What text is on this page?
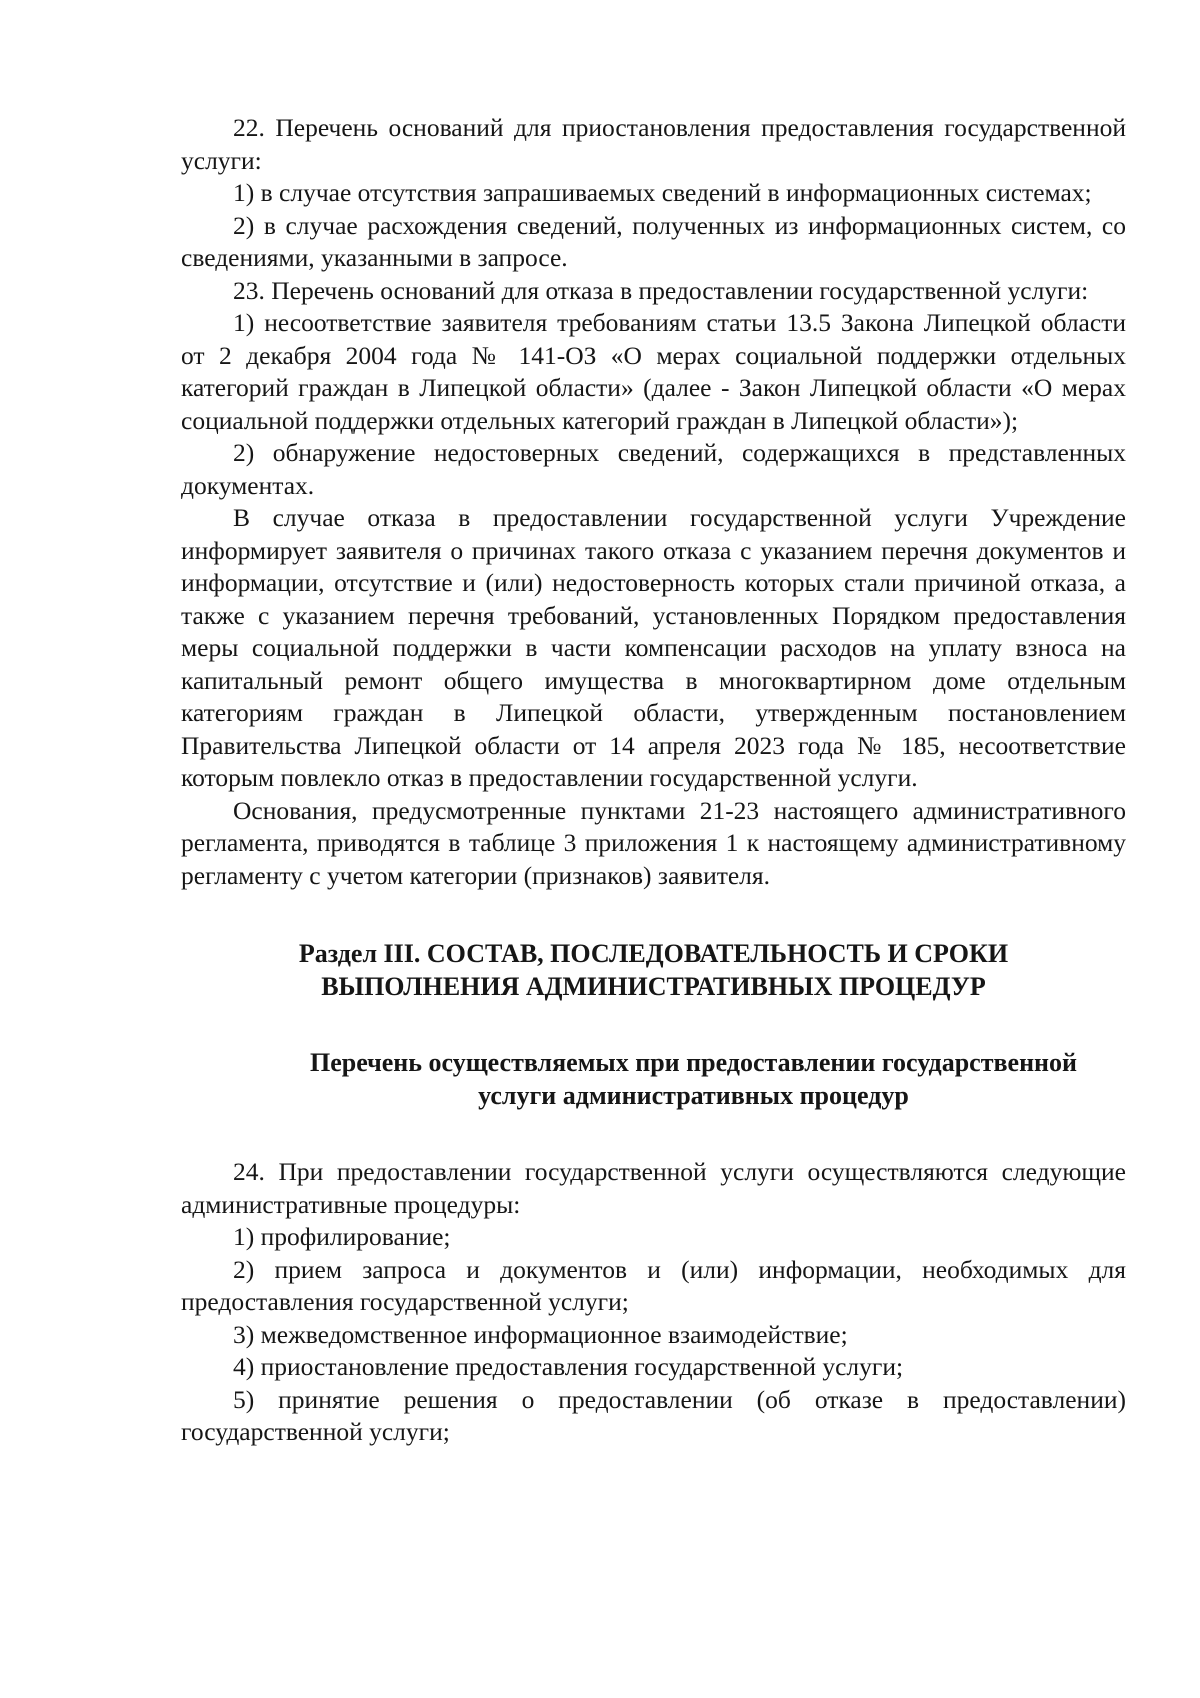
22. Перечень оснований для приостановления предоставления государственной услуги:

1) в случае отсутствия запрашиваемых сведений в информационных системах;

2) в случае расхождения сведений, полученных из информационных систем, со сведениями, указанными в запросе.

23. Перечень оснований для отказа в предоставлении государственной услуги:

1) несоответствие заявителя требованиям статьи 13.5 Закона Липецкой области от 2 декабря 2004 года № 141-ОЗ «О мерах социальной поддержки отдельных категорий граждан в Липецкой области» (далее - Закон Липецкой области «О мерах социальной поддержки отдельных категорий граждан в Липецкой области»);

2) обнаружение недостоверных сведений, содержащихся в представленных документах.

В случае отказа в предоставлении государственной услуги Учреждение информирует заявителя о причинах такого отказа с указанием перечня документов и информации, отсутствие и (или) недостоверность которых стали причиной отказа, а также с указанием перечня требований, установленных Порядком предоставления меры социальной поддержки в части компенсации расходов на уплату взноса на капитальный ремонт общего имущества в многоквартирном доме отдельным категориям граждан в Липецкой области, утвержденным постановлением Правительства Липецкой области от 14 апреля 2023 года № 185, несоответствие которым повлекло отказ в предоставлении государственной услуги.

Основания, предусмотренные пунктами 21-23 настоящего административного регламента, приводятся в таблице 3 приложения 1 к настоящему административному регламенту с учетом категории (признаков) заявителя.

Раздел III. СОСТАВ, ПОСЛЕДОВАТЕЛЬНОСТЬ И СРОКИ
ВЫПОЛНЕНИЯ АДМИНИСТРАТИВНЫХ ПРОЦЕДУР
Перечень осуществляемых при предоставлении государственной
услуги административных процедур

24. При предоставлении государственной услуги осуществляются следующие административные процедуры:

1) профилирование;

2) прием запроса и документов и (или) информации, необходимых для предоставления государственной услуги;

3) межведомственное информационное взаимодействие;

4) приостановление предоставления государственной услуги;

5) принятие решения о предоставлении (об отказе в предоставлении) государственной услуги;
